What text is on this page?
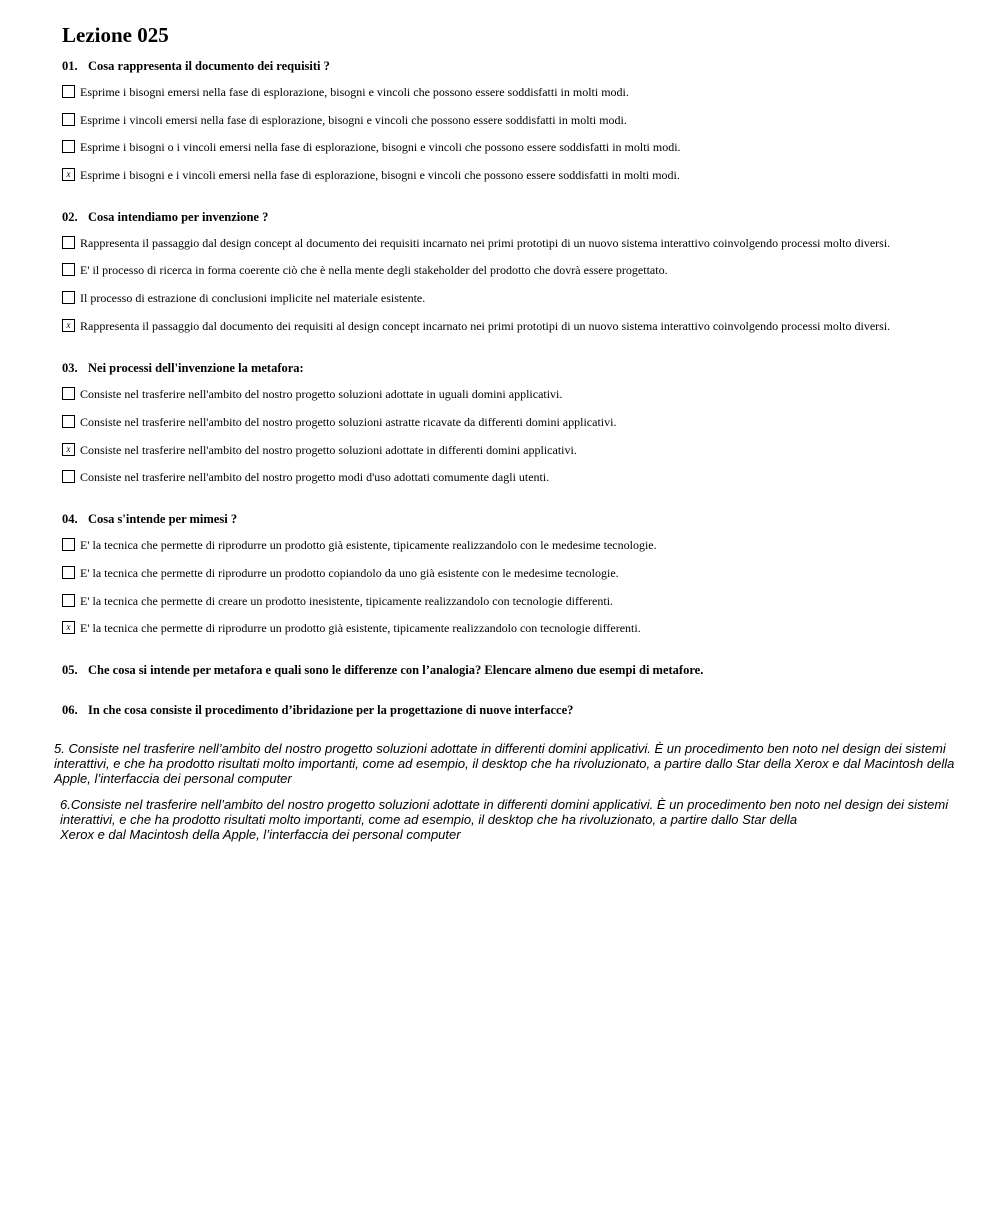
Lezione 025
01. Cosa rappresenta il documento dei requisiti ?
Esprime i bisogni emersi nella fase di esplorazione, bisogni e vincoli che possono essere soddisfatti in molti modi.
Esprime i vincoli emersi nella fase di esplorazione, bisogni e vincoli che possono essere soddisfatti in molti modi.
Esprime i bisogni o i vincoli emersi nella fase di esplorazione, bisogni e vincoli che possono essere soddisfatti in molti modi.
x Esprime i bisogni e i vincoli emersi nella fase di esplorazione, bisogni e vincoli che possono essere soddisfatti in molti modi.
02. Cosa intendiamo per invenzione ?
Rappresenta il passaggio dal design concept al documento dei requisiti incarnato nei primi prototipi di un nuovo sistema interattivo coinvolgendo processi molto diversi.
E' il processo di ricerca in forma coerente ciò che è nella mente degli stakeholder del prodotto che dovrà essere progettato.
Il processo di estrazione di conclusioni implicite nel materiale esistente.
x Rappresenta il passaggio dal documento dei requisiti al design concept incarnato nei primi prototipi di un nuovo sistema interattivo coinvolgendo processi molto diversi.
03. Nei processi dell'invenzione la metafora:
Consiste nel trasferire nell'ambito del nostro progetto soluzioni adottate in uguali domini applicativi.
Consiste nel trasferire nell'ambito del nostro progetto soluzioni astratte ricavate da differenti domini applicativi.
x Consiste nel trasferire nell'ambito del nostro progetto soluzioni adottate in differenti domini applicativi.
Consiste nel trasferire nell'ambito del nostro progetto modi d'uso adottati comumente dagli utenti.
04. Cosa s'intende per mimesi ?
E' la tecnica che permette di riprodurre un prodotto già esistente, tipicamente realizzandolo con le medesime tecnologie.
E' la tecnica che permette di riprodurre un prodotto copiandolo da uno già esistente con le medesime tecnologie.
E' la tecnica che permette di creare un prodotto inesistente, tipicamente realizzandolo con tecnologie differenti.
x E' la tecnica che permette di riprodurre un prodotto già esistente, tipicamente realizzandolo con tecnologie differenti.
05. Che cosa si intende per metafora e quali sono le differenze con l’analogia? Elencare almeno due esempi di metafore.
06. In che cosa consiste il procedimento d’ibridazione per la progettazione di nuove interfacce?
5. Consiste nel trasferire nell’ambito del nostro progetto soluzioni adottate in differenti domini applicativi. È un procedimento ben noto nel design dei sistemi
interattivi, e che ha prodotto risultati molto importanti, come ad esempio, il desktop che ha rivoluzionato, a partire dallo Star della Xerox e dal Macintosh della
Apple, l’interfaccia dei personal computer
6.Consiste nel trasferire nell’ambito del nostro progetto soluzioni adottate in differenti domini applicativi. È un procedimento ben noto nel design dei sistemi
interattivi, e che ha prodotto risultati molto importanti, come ad esempio, il desktop che ha rivoluzionato, a partire dallo Star della
Xerox e dal Macintosh della Apple, l’interfaccia dei personal computer
